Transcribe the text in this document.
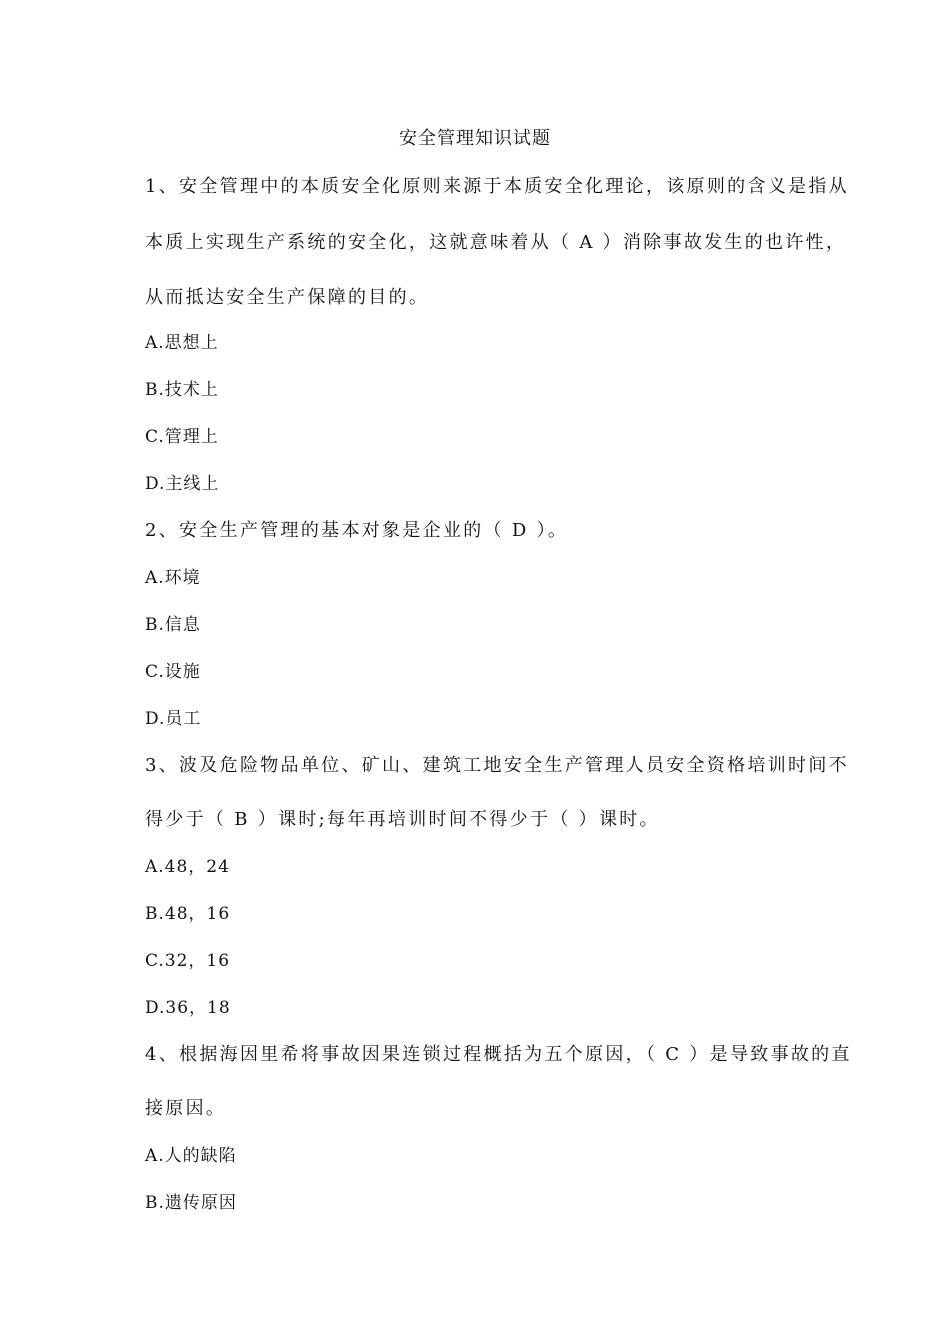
安全管理知识试题
1、安全管理中的本质安全化原则来源于本质安全化理论，该原则的含义是指从
本质上实现生产系统的安全化，这就意味着从（ A ）消除事故发生的也许性，
从而抵达安全生产保障的目的。
A.思想上
B.技术上
C.管理上
D.主线上
2、安全生产管理的基本对象是企业的（ D ）。
A.环境
B.信息
C.设施
D.员工
3、波及危险物品单位、矿山、建筑工地安全生产管理人员安全资格培训时间不
得少于（ B ）课时;每年再培训时间不得少于（ ）课时。
A.48，24
B.48，16
C.32，16
D.36，18
4、根据海因里希将事故因果连锁过程概括为五个原因，（ C ）是导致事故的直
接原因。
A.人的缺陷
B.遗传原因
